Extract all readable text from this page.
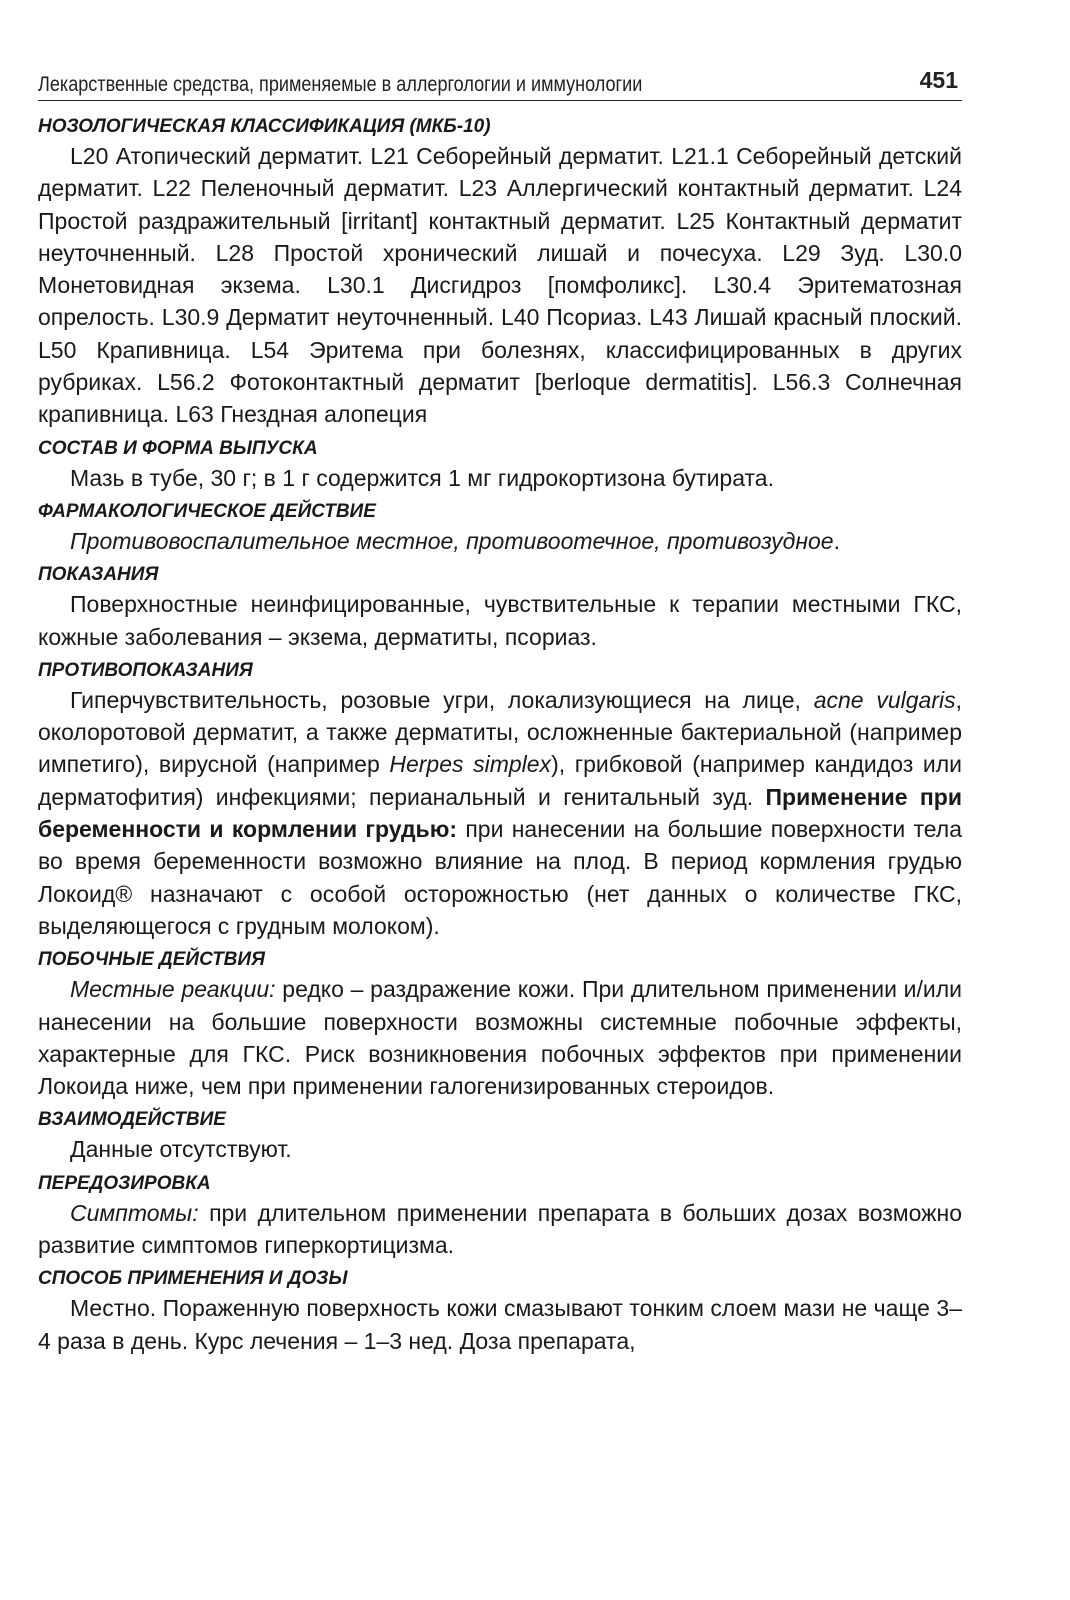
Лекарственные средства, применяемые в аллергологии и иммунологии	451
НОЗОЛОГИЧЕСКАЯ КЛАССИФИКАЦИЯ (МКБ-10)

L20 Атопический дерматит. L21 Себорейный дерматит. L21.1 Себорейный детский дерматит. L22 Пеленочный дерматит. L23 Аллергический контактный дерматит. L24 Простой раздражительный [irritant] контактный дерматит. L25 Контактный дерматит неуточненный. L28 Простой хронический лишай и почесуха. L29 Зуд. L30.0 Монетовидная экзема. L30.1 Дисгидроз [помфоликс]. L30.4 Эритематозная опрелость. L30.9 Дерматит неуточненный. L40 Псориаз. L43 Лишай красный плоский. L50 Крапивница. L54 Эритема при болезнях, классифицированных в других рубриках. L56.2 Фотоконтактный дерматит [berloque dermatitis]. L56.3 Солнечная крапивница. L63 Гнездная алопеция

СОСТАВ И ФОРМА ВЫПУСКА

Мазь в тубе, 30 г; в 1 г содержится 1 мг гидрокортизона бутирата.

ФАРМАКОЛОГИЧЕСКОЕ ДЕЙСТВИЕ

Противовоспалительное местное, противоотечное, противозудное.

ПОКАЗАНИЯ

Поверхностные неинфицированные, чувствительные к терапии местными ГКС, кожные заболевания – экзема, дерматиты, псориаз.

ПРОТИВОПОКАЗАНИЯ

Гиперчувствительность, розовые угри, локализующиеся на лице, acne vulgaris, околоротовой дерматит, а также дерматиты, осложненные бактериальной (например импетиго), вирусной (например Herpes simplex), грибковой (например кандидоз или дерматофития) инфекциями; перианальный и генитальный зуд. Применение при беременности и кормлении грудью: при нанесении на большие поверхности тела во время беременности возможно влияние на плод. В период кормления грудью Локоид® назначают с особой осторожностью (нет данных о количестве ГКС, выделяющегося с грудным молоком).

ПОБОЧНЫЕ ДЕЙСТВИЯ

Местные реакции: редко – раздражение кожи. При длительном применении и/или нанесении на большие поверхности возможны системные побочные эффекты, характерные для ГКС. Риск возникновения побочных эффектов при применении Локоида ниже, чем при применении галогенизированных стероидов.

ВЗАИМОДЕЙСТВИЕ

Данные отсутствуют.

ПЕРЕДОЗИРОВКА

Симптомы: при длительном применении препарата в больших дозах возможно развитие симптомов гиперкортицизма.

СПОСОБ ПРИМЕНЕНИЯ И ДОЗЫ

Местно. Пораженную поверхность кожи смазывают тонким слоем мази не чаще 3–4 раза в день. Курс лечения – 1–3 нед. Доза препарата,
